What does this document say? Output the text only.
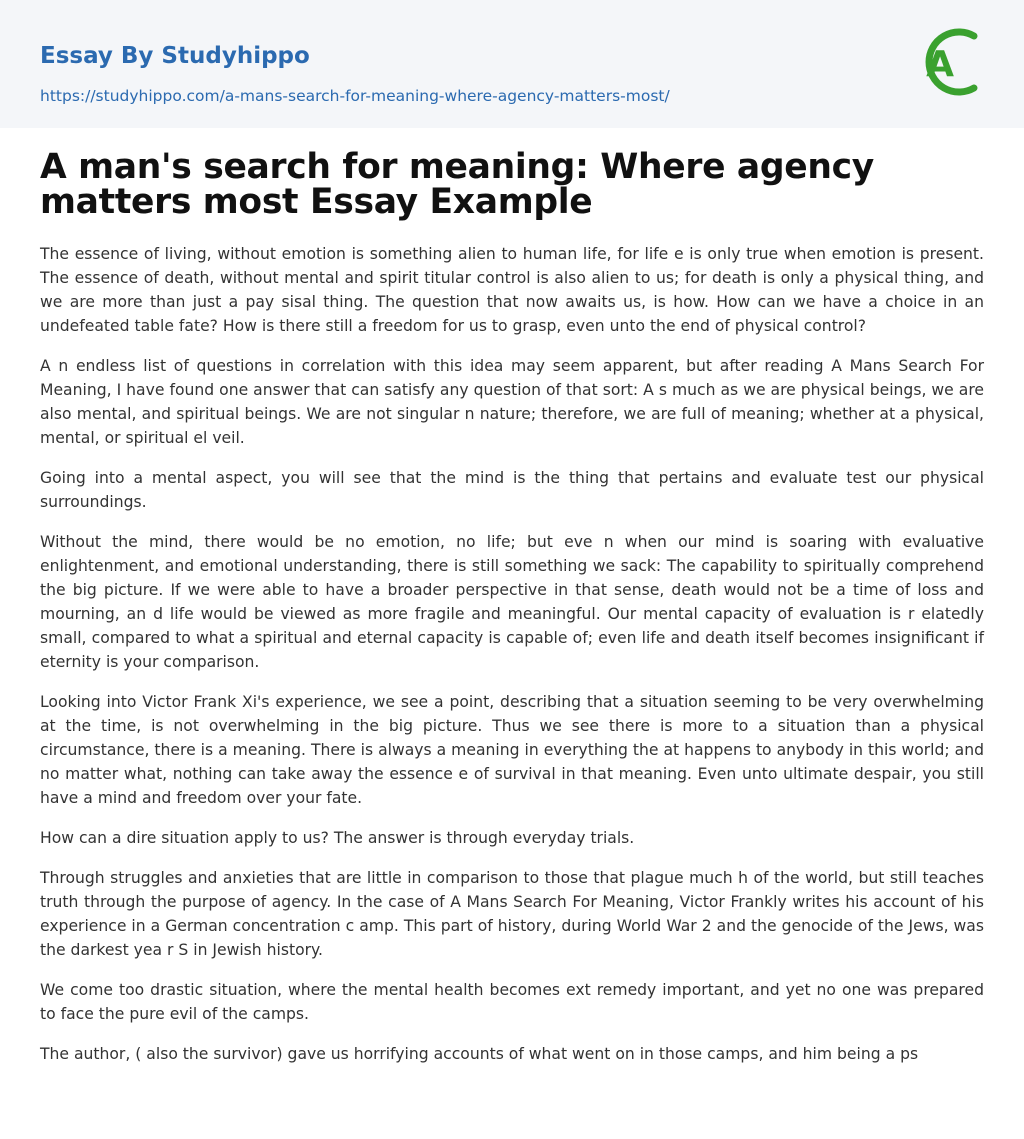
Essay By Studyhippo
https://studyhippo.com/a-mans-search-for-meaning-where-agency-matters-most/
A
A man's search for meaning: Where agency matters most Essay Example

The essence of living, without emotion is something alien to human life, for life e is only true when emotion is present. The essence of death, without mental and spirit titular control is also alien to us; for death is only a physical thing, and we are more than just a pay sisal thing. The question that now awaits us, is how. How can we have a choice in an undefeated table fate? How is there still a freedom for us to grasp, even unto the end of physical control?

A n endless list of questions in correlation with this idea may seem apparent, but after reading A Mans Search For Meaning, I have found one answer that can satisfy any question of that sort: A s much as we are physical beings, we are also mental, and spiritual beings. We are not singular n nature; therefore, we are full of meaning; whether at a physical, mental, or spiritual el veil.

Going into a mental aspect, you will see that the mind is the thing that pertains and evaluate test our physical surroundings.

Without the mind, there would be no emotion, no life; but eve n when our mind is soaring with evaluative enlightenment, and emotional understanding, there is still something we sack: The capability to spiritually comprehend the big picture. If we were able to have a broader perspective in that sense, death would not be a time of loss and mourning, an d life would be viewed as more fragile and meaningful. Our mental capacity of evaluation is r elatedly small, compared to what a spiritual and eternal capacity is capable of; even life and death itself becomes insignificant if eternity is your comparison.

Looking into Victor Frank Xi's experience, we see a point, describing that a situation seeming to be very overwhelming at the time, is not overwhelming in the big picture. Thus we see there is more to a situation than a physical circumstance, there is a meaning. There is always a meaning in everything the at happens to anybody in this world; and no matter what, nothing can take away the essence e of survival in that meaning. Even unto ultimate despair, you still have a mind and freedom over your fate.

How can a dire situation apply to us? The answer is through everyday trials.

Through struggles and anxieties that are little in comparison to those that plague much h of the world, but still teaches truth through the purpose of agency. In the case of A Mans Search For Meaning, Victor Frankly writes his account of his experience in a German concentration c amp. This part of history, during World War 2 and the genocide of the Jews, was the darkest yea r S in Jewish history.

We come too drastic situation, where the mental health becomes ext remedy important, and yet no one was prepared to face the pure evil of the camps.

The author, ( also the survivor) gave us horrifying accounts of what went on in those camps, and him being a ps
